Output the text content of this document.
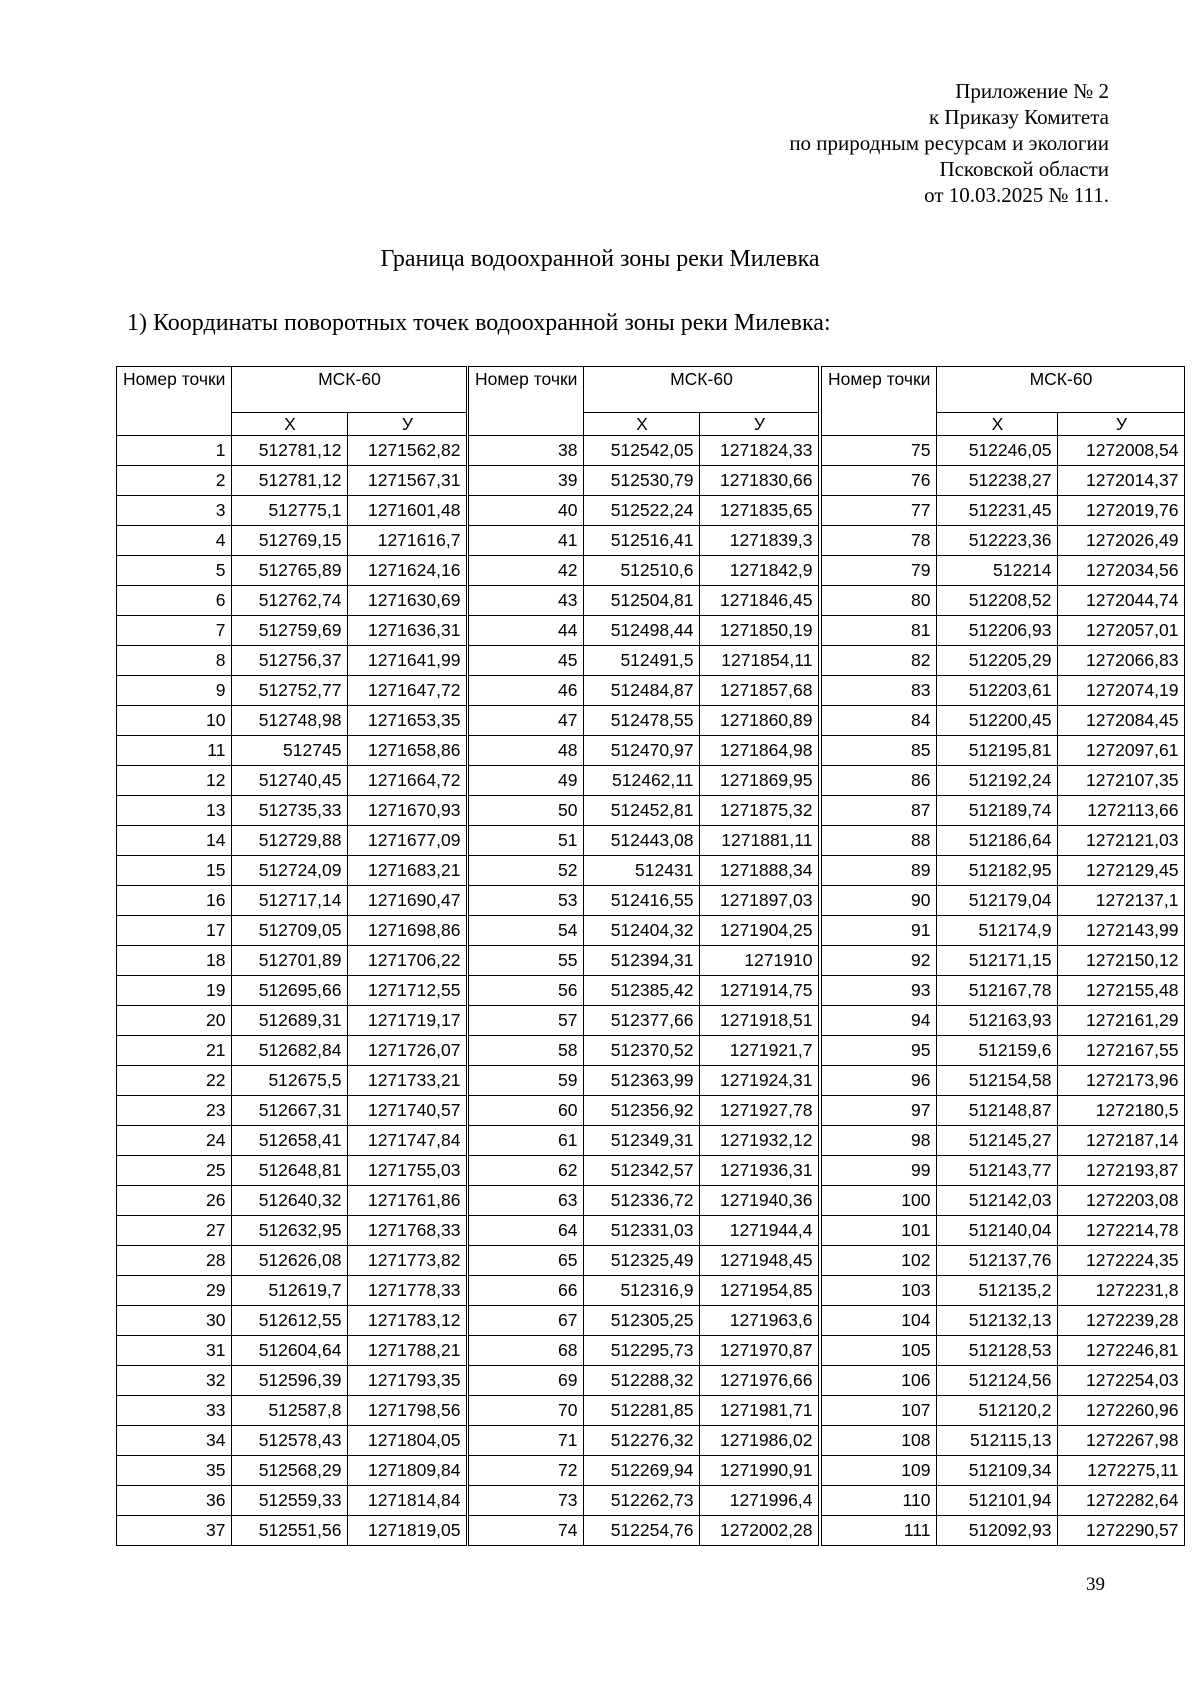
Приложение № 2
к Приказу Комитета
по природным ресурсам и экологии
Псковской области
от 10.03.2025 № 111.
Граница водоохранной зоны реки Милевка
1) Координаты поворотных точек водоохранной зоны реки Милевка:
Номер точки	МСК-60	
	X	У
1	512781,12	1271562,82
2	512781,12	1271567,31
3	512775,1	1271601,48
4	512769,15	1271616,7
5	512765,89	1271624,16
6	512762,74	1271630,69
7	512759,69	1271636,31
8	512756,37	1271641,99
9	512752,77	1271647,72
10	512748,98	1271653,35
11	512745	1271658,86
12	512740,45	1271664,72
13	512735,33	1271670,93
14	512729,88	1271677,09
15	512724,09	1271683,21
16	512717,14	1271690,47
17	512709,05	1271698,86
18	512701,89	1271706,22
19	512695,66	1271712,55
20	512689,31	1271719,17
21	512682,84	1271726,07
22	512675,5	1271733,21
23	512667,31	1271740,57
24	512658,41	1271747,84
25	512648,81	1271755,03
26	512640,32	1271761,86
27	512632,95	1271768,33
28	512626,08	1271773,82
29	512619,7	1271778,33
30	512612,55	1271783,12
31	512604,64	1271788,21
32	512596,39	1271793,35
33	512587,8	1271798,56
34	512578,43	1271804,05
35	512568,29	1271809,84
36	512559,33	1271814,84
37	512551,56	1271819,05
Номер точки	МСК-60	
	X	У
38	512542,05	1271824,33
39	512530,79	1271830,66
40	512522,24	1271835,65
41	512516,41	1271839,3
42	512510,6	1271842,9
43	512504,81	1271846,45
44	512498,44	1271850,19
45	512491,5	1271854,11
46	512484,87	1271857,68
47	512478,55	1271860,89
48	512470,97	1271864,98
49	512462,11	1271869,95
50	512452,81	1271875,32
51	512443,08	1271881,11
52	512431	1271888,34
53	512416,55	1271897,03
54	512404,32	1271904,25
55	512394,31	1271910
56	512385,42	1271914,75
57	512377,66	1271918,51
58	512370,52	1271921,7
59	512363,99	1271924,31
60	512356,92	1271927,78
61	512349,31	1271932,12
62	512342,57	1271936,31
63	512336,72	1271940,36
64	512331,03	1271944,4
65	512325,49	1271948,45
66	512316,9	1271954,85
67	512305,25	1271963,6
68	512295,73	1271970,87
69	512288,32	1271976,66
70	512281,85	1271981,71
71	512276,32	1271986,02
72	512269,94	1271990,91
73	512262,73	1271996,4
74	512254,76	1272002,28
Номер точки	МСК-60	
	X	У
75	512246,05	1272008,54
76	512238,27	1272014,37
77	512231,45	1272019,76
78	512223,36	1272026,49
79	512214	1272034,56
80	512208,52	1272044,74
81	512206,93	1272057,01
82	512205,29	1272066,83
83	512203,61	1272074,19
84	512200,45	1272084,45
85	512195,81	1272097,61
86	512192,24	1272107,35
87	512189,74	1272113,66
88	512186,64	1272121,03
89	512182,95	1272129,45
90	512179,04	1272137,1
91	512174,9	1272143,99
92	512171,15	1272150,12
93	512167,78	1272155,48
94	512163,93	1272161,29
95	512159,6	1272167,55
96	512154,58	1272173,96
97	512148,87	1272180,5
98	512145,27	1272187,14
99	512143,77	1272193,87
100	512142,03	1272203,08
101	512140,04	1272214,78
102	512137,76	1272224,35
103	512135,2	1272231,8
104	512132,13	1272239,28
105	512128,53	1272246,81
106	512124,56	1272254,03
107	512120,2	1272260,96
108	512115,13	1272267,98
109	512109,34	1272275,11
110	512101,94	1272282,64
111	512092,93	1272290,57
39
